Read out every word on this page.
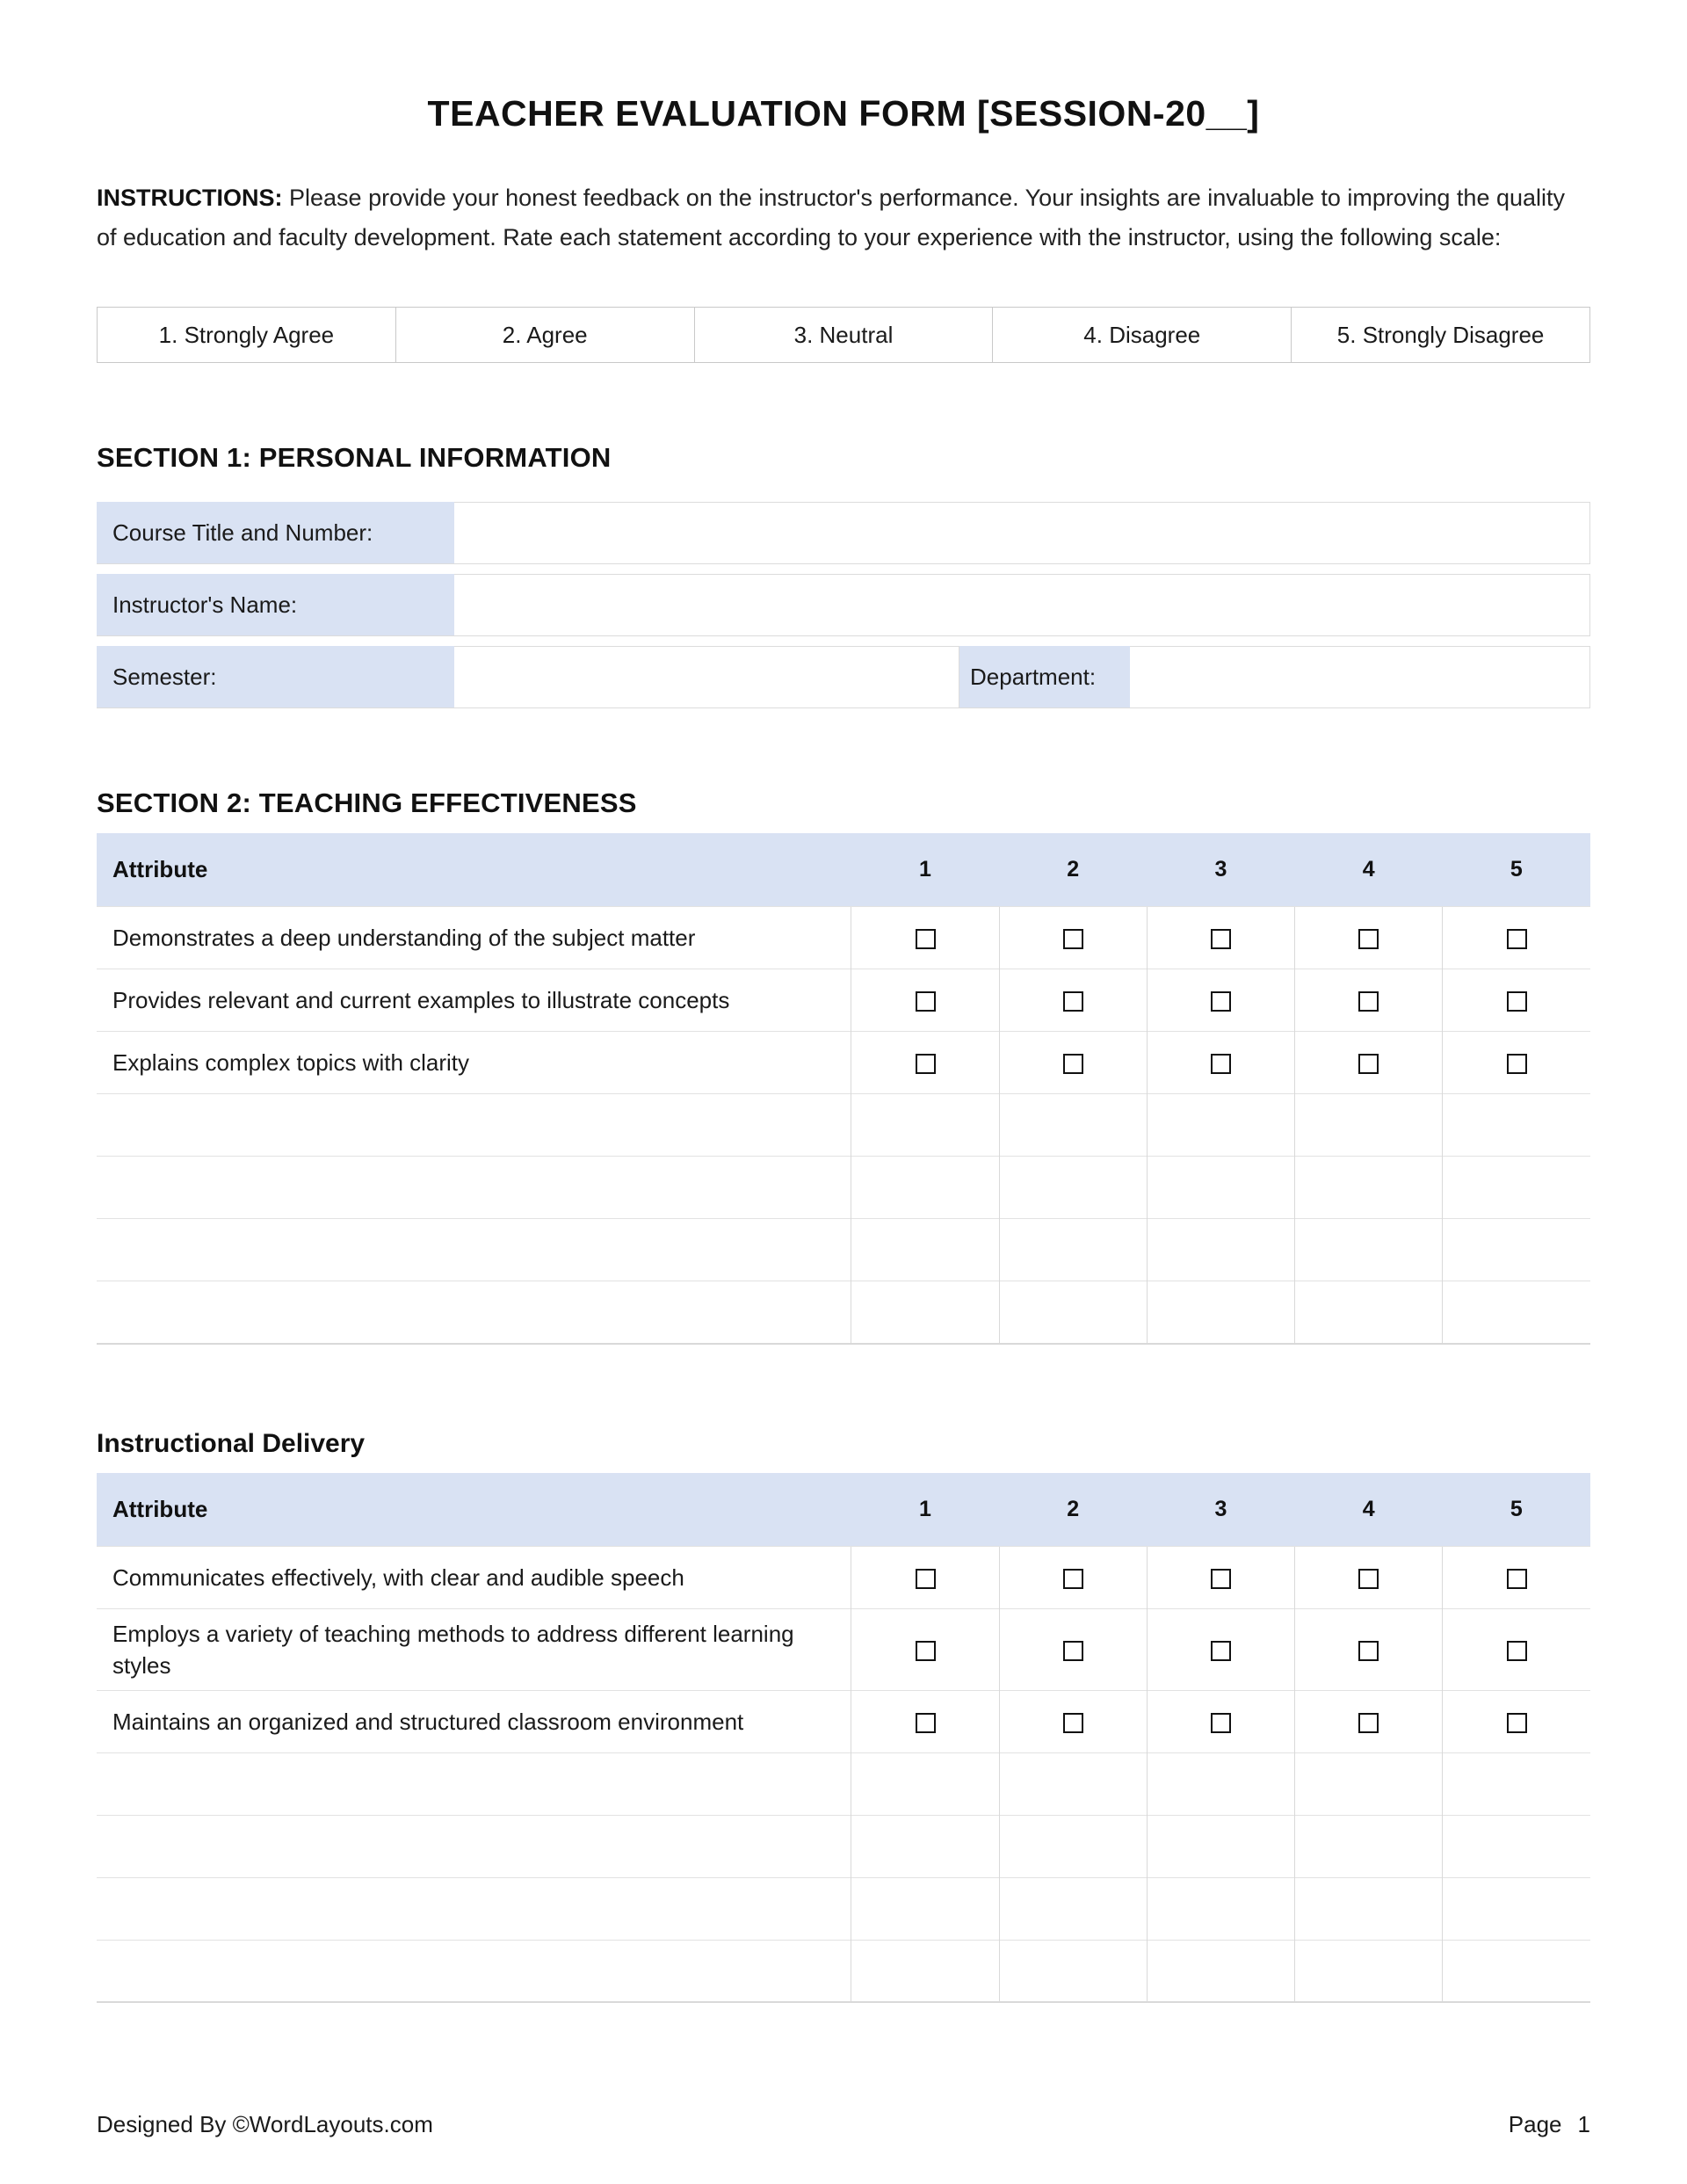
TEACHER EVALUATION FORM [SESSION-20__]

INSTRUCTIONS: Please provide your honest feedback on the instructor's performance. Your insights are invaluable to improving the quality of education and faculty development. Rate each statement according to your experience with the instructor, using the following scale:

1. Strongly Agree	2. Agree	3. Neutral	4. Disagree	5. Strongly Disagree
SECTION 1: PERSONAL INFORMATION
Course Title and Number:
Instructor's Name:
Semester:	Department:
SECTION 2: TEACHING EFFECTIVENESS
Attribute	1	2	3	4	5
Demonstrates a deep understanding of the subject matter					
Provides relevant and current examples to illustrate concepts					
Explains complex topics with clarity					

Instructional Delivery
Attribute	1	2	3	4	5
Communicates effectively, with clear and audible speech					
Employs a variety of teaching methods to address different learning styles					
Maintains an organized and structured classroom environment					

Designed By ©WordLayouts.com	Page 1
